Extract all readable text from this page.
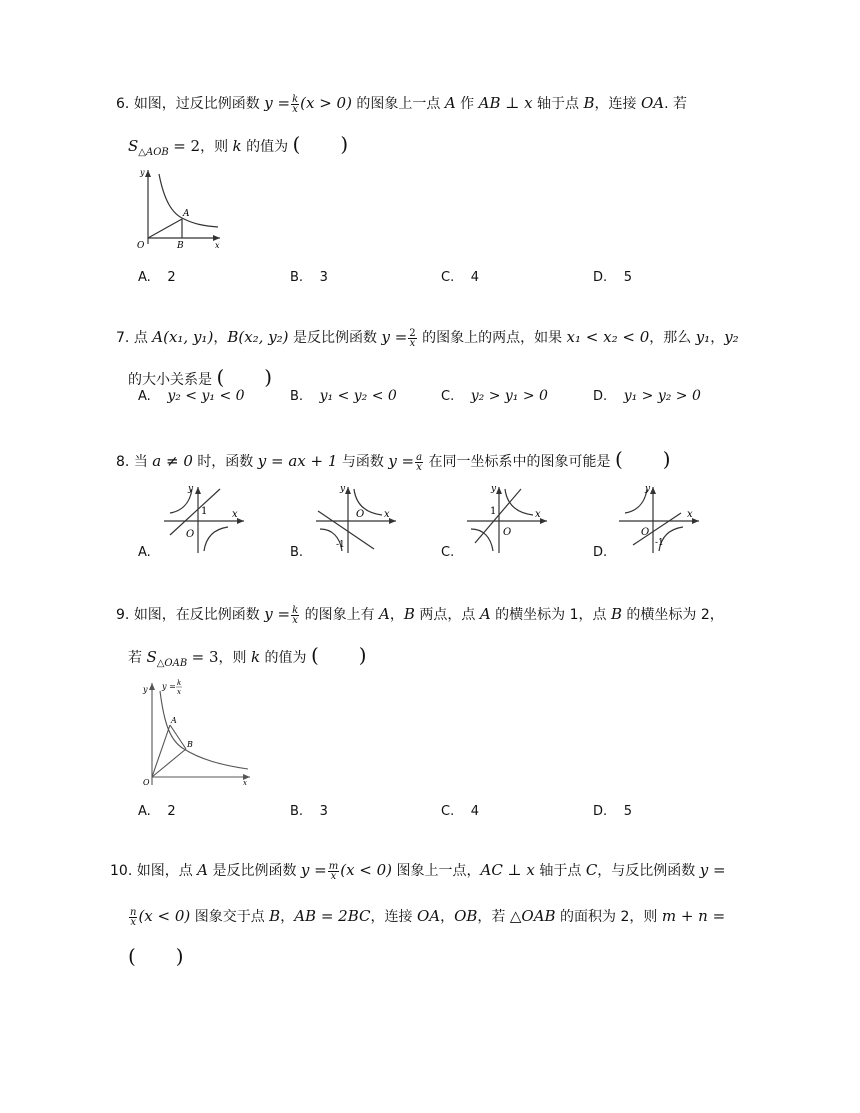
6. 如图，过反比例函数 $y = \frac{k}{x} (x > 0)$ 的图象上一点 A 作 AB ⊥ x 轴于点 B，连接 OA. 若
$S_{\triangle AOB} = 2$，则 k 的值为 (　　)
y
A
O	B	x
A. 2	B. 3	C. 4	D. 5
7. 点 A(x₁, y₁)，B(x₂, y₂) 是反比例函数 $y = \frac{2}{x}$ 的图象上的两点，如果 x₁ < x₂ < 0，那么 y₁，y₂
的大小关系是 (　　)
A. y₂ < y₁ < 0	B. y₁ < y₂ < 0	C. y₂ > y₁ > 0	D. y₁ > y₂ > 0
8. 当 a ≠ 0 时，函数 y = ax + 1 与函数 $y = \frac{a}{x}$ 在同一坐标系中的图象可能是 (　　)
y
x
O
1
A.
y
x
O
-1
B.
y
x
O
1
C.
y
x
O
-1
D.
9. 如图，在反比例函数 $y = \frac{k}{x}$ 的图象上有 A，B 两点，点 A 的横坐标为 1，点 B 的横坐标为 2，
若 $S_{\triangle OAB} = 3$，则 k 的值为 (　　)
y y = k
x
A
B
O	x
A. 2	B. 3	C. 4	D. 5
10. 如图，点 A 是反比例函数 $y = \frac{m}{x} (x < 0)$ 图象上一点，AC ⊥ x 轴于点 C，与反比例函数 y =
$\frac{n}{x} (x < 0)$ 图象交于点 B，AB = 2BC，连接 OA，OB，若 △OAB 的面积为 2，则 m + n =
(　　)
